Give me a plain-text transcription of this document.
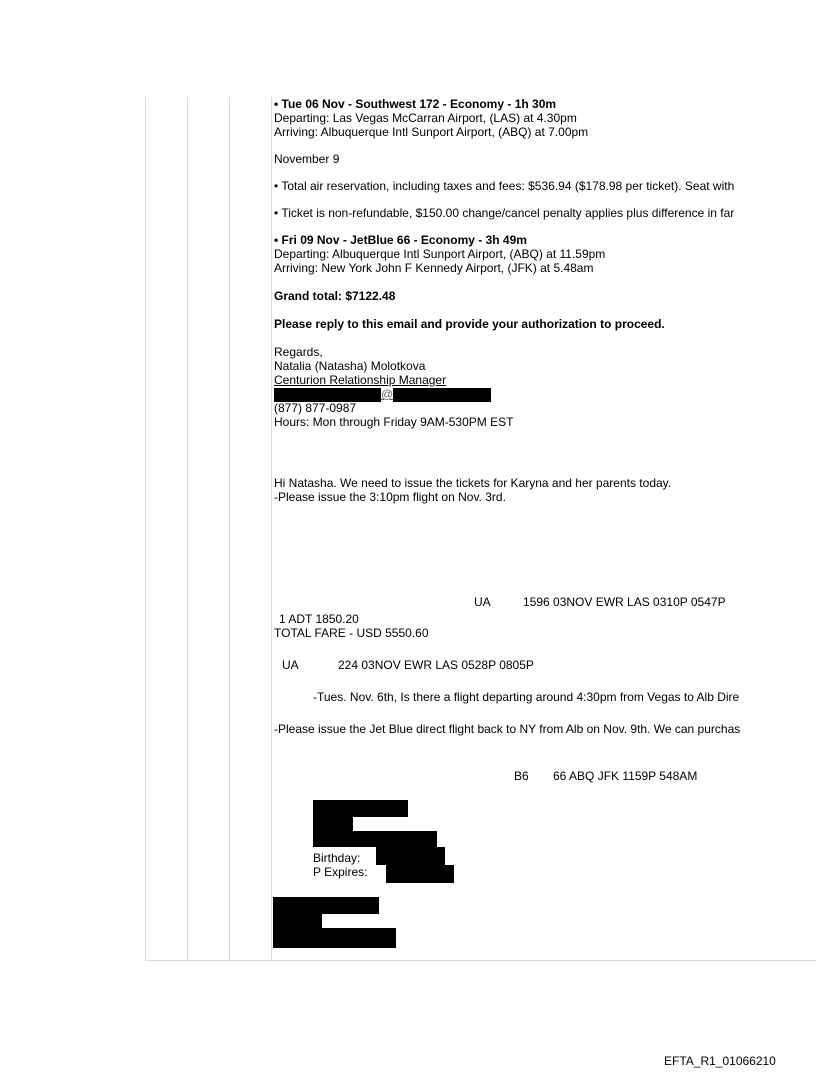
• Tue 06 Nov - Southwest 172 - Economy - 1h 30m
Departing: Las Vegas McCarran Airport, (LAS) at 4.30pm
Arriving: Albuquerque Intl Sunport Airport, (ABQ) at 7.00pm
November 9
• Total air reservation, including taxes and fees: $536.94 ($178.98 per ticket). Seat with
• Ticket is non-refundable, $150.00 change/cancel penalty applies plus difference in far
• Fri 09 Nov - JetBlue 66 - Economy - 3h 49m
Departing: Albuquerque Intl Sunport Airport, (ABQ) at 11.59pm
Arriving: New York John F Kennedy Airport, (JFK) at 5.48am
Grand total: $7122.48
Please reply to this email and provide your authorization to proceed.
Regards,
Natalia (Natasha) Molotkova
Centurion Relationship Manager
@
(877) 877-0987
Hours: Mon through Friday 9AM-530PM EST
Hi Natasha. We need to issue the tickets for Karyna and her parents today.
-Please issue the 3:10pm flight on Nov. 3rd.
UA	1596 03NOV EWR LAS 0310P 0547P
1 ADT 1850.20
TOTAL FARE - USD 5550.60
UA	224 03NOV EWR LAS 0528P 0805P
-Tues. Nov. 6th, Is there a flight departing around 4:30pm from Vegas to Alb Dire
-Please issue the Jet Blue direct flight back to NY from Alb on Nov. 9th. We can purchas
B6 66 ABQ JFK 1159P 548AM
Birthday:
P Expires:
EFTA_R1_01066210
